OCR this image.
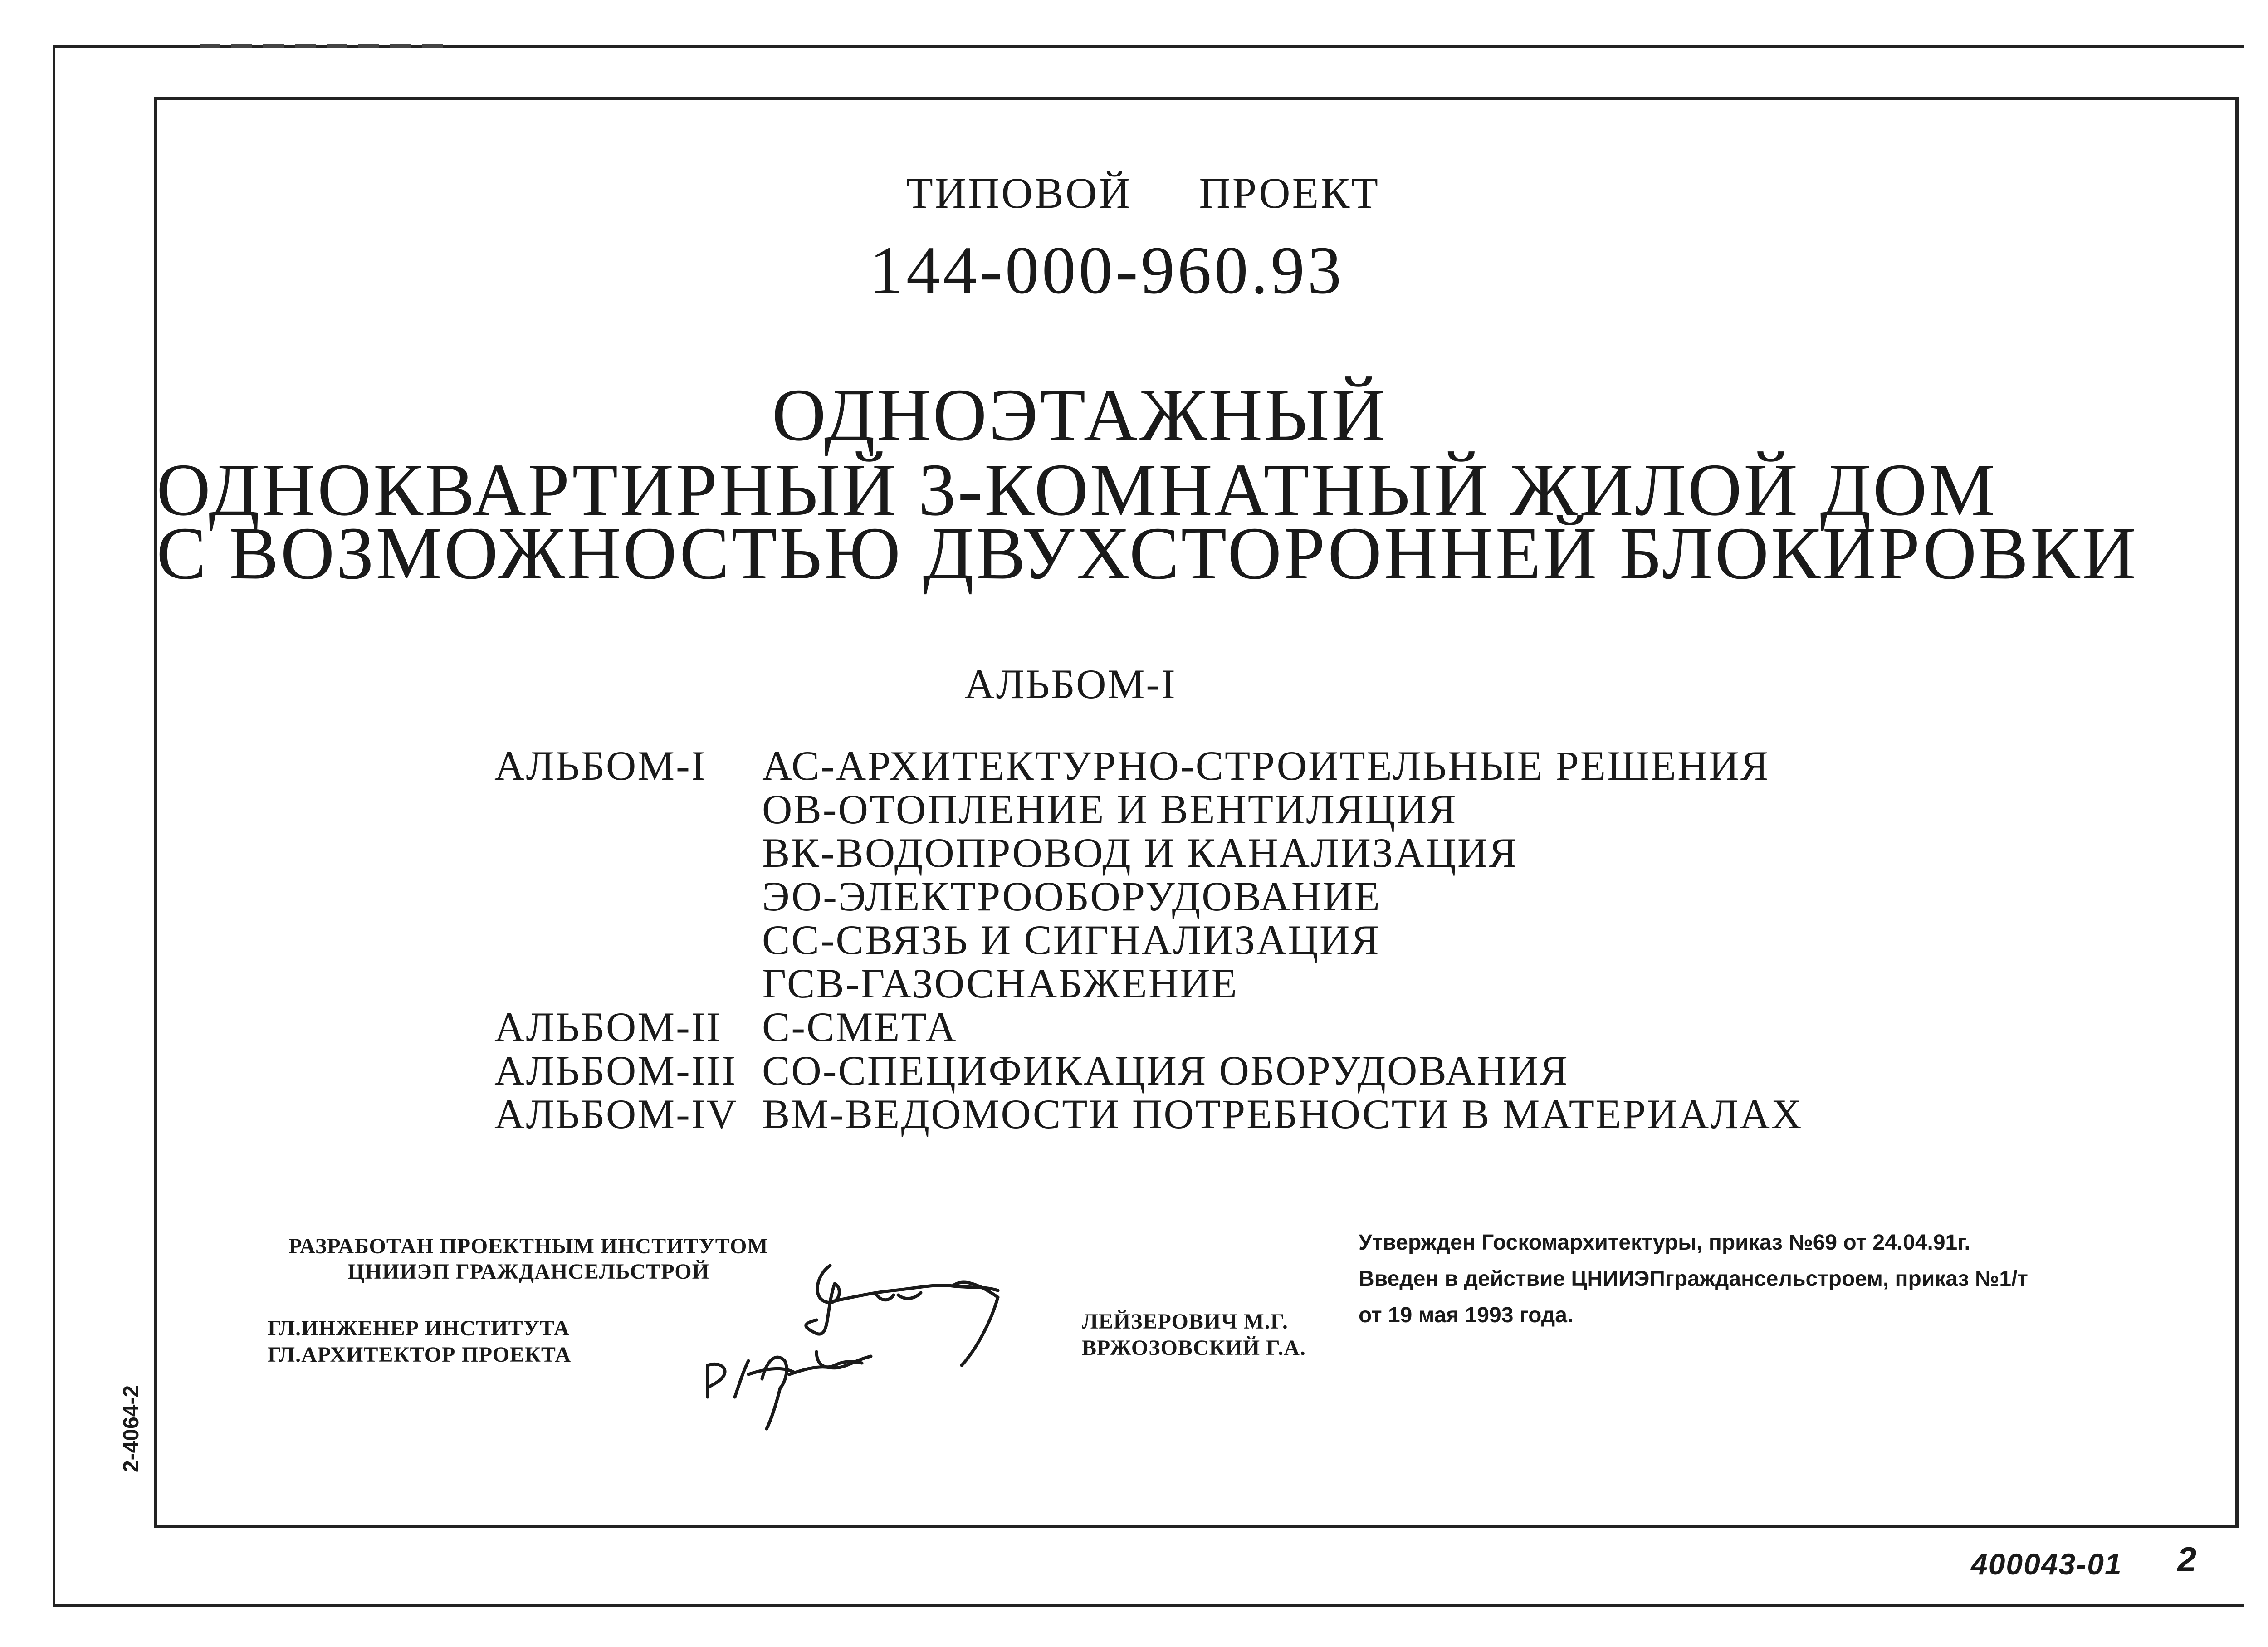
ТИПОВОЙ ПРОЕКТ
144-000-960.93
ОДНОЭТАЖНЫЙ
ОДНОКВАРТИРНЫЙ 3-КОМНАТНЫЙ ЖИЛОЙ ДОМ
С ВОЗМОЖНОСТЬЮ ДВУХСТОРОННЕЙ БЛОКИРОВКИ
АЛЬБОМ-I
АЛЬБОМ-I	АС-АРХИТЕКТУРНО-СТРОИТЕЛЬНЫЕ РЕШЕНИЯ
ОВ-ОТОПЛЕНИЕ И ВЕНТИЛЯЦИЯ
ВК-ВОДОПРОВОД И КАНАЛИЗАЦИЯ
ЭО-ЭЛЕКТРООБОРУДОВАНИЕ
СС-СВЯЗЬ И СИГНАЛИЗАЦИЯ
ГСВ-ГАЗОСНАБЖЕНИЕ
АЛЬБОМ-II С-СМЕТА
АЛЬБОМ-III СО-СПЕЦИФИКАЦИЯ ОБОРУДОВАНИЯ
АЛЬБОМ-IV ВМ-ВЕДОМОСТИ ПОТРЕБНОСТИ В МАТЕРИАЛАХ
РАЗРАБОТАН ПРОЕКТНЫМ ИНСТИТУТОМ
ЦНИИЭП ГРАЖДАНСЕЛЬСТРОЙ
ГЛ.ИНЖЕНЕР ИНСТИТУТА
ГЛ.АРХИТЕКТОР ПРОЕКТА
ЛЕЙЗЕРОВИЧ М.Г.
ВРЖОЗОВСКИЙ Г.А.
Утвержден Госкомархитектуры, приказ №69 от 24.04.91г.
Введен в действие ЦНИИЭПграждансельстроем, приказ №1/т
от 19 мая 1993 года.
2-4064-2
400043-01 2
